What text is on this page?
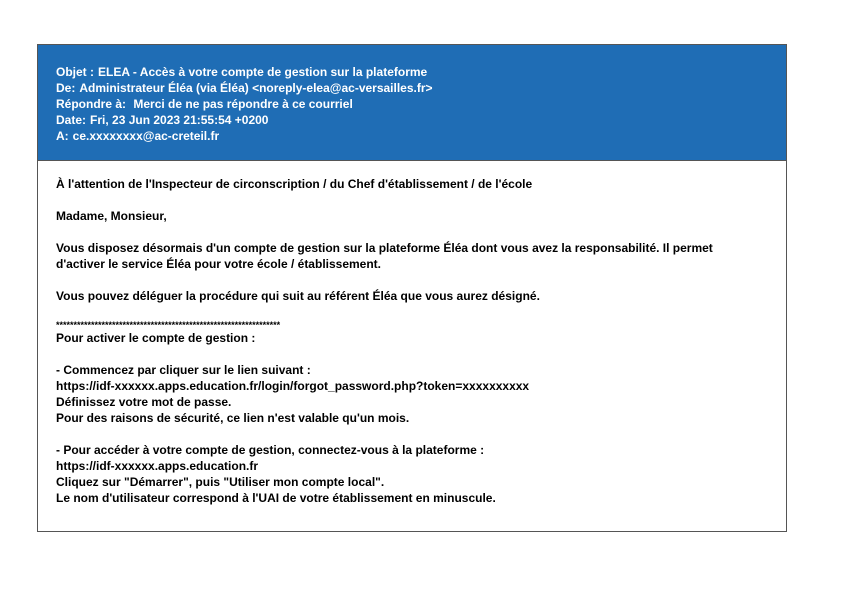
Objet : ELEA - Accès à votre compte de gestion sur la plateforme
De: Administrateur Éléa (via Éléa) <noreply-elea@ac-versailles.fr>
Répondre à: Merci de ne pas répondre à ce courriel
Date: Fri, 23 Jun 2023 21:55:54 +0200
A: ce.xxxxxxxx@ac-creteil.fr
À l'attention de l'Inspecteur de circonscription / du Chef d'établissement / de l'école
Madame, Monsieur,
Vous disposez désormais d'un compte de gestion sur la plateforme Éléa dont vous avez la responsabilité. Il permet
d'activer le service Éléa pour votre école / établissement.
Vous pouvez déléguer la procédure qui suit au référent Éléa que vous aurez désigné.
****************************************************************
Pour activer le compte de gestion :
- Commencez par cliquer sur le lien suivant :
https://idf-xxxxxx.apps.education.fr/login/forgot_password.php?token=xxxxxxxxxx
Définissez votre mot de passe.
Pour des raisons de sécurité, ce lien n'est valable qu'un mois.
- Pour accéder à votre compte de gestion, connectez-vous à la plateforme :
https://idf-xxxxxx.apps.education.fr
Cliquez sur "Démarrer", puis "Utiliser mon compte local".
Le nom d'utilisateur correspond à l'UAI de votre établissement en minuscule.
